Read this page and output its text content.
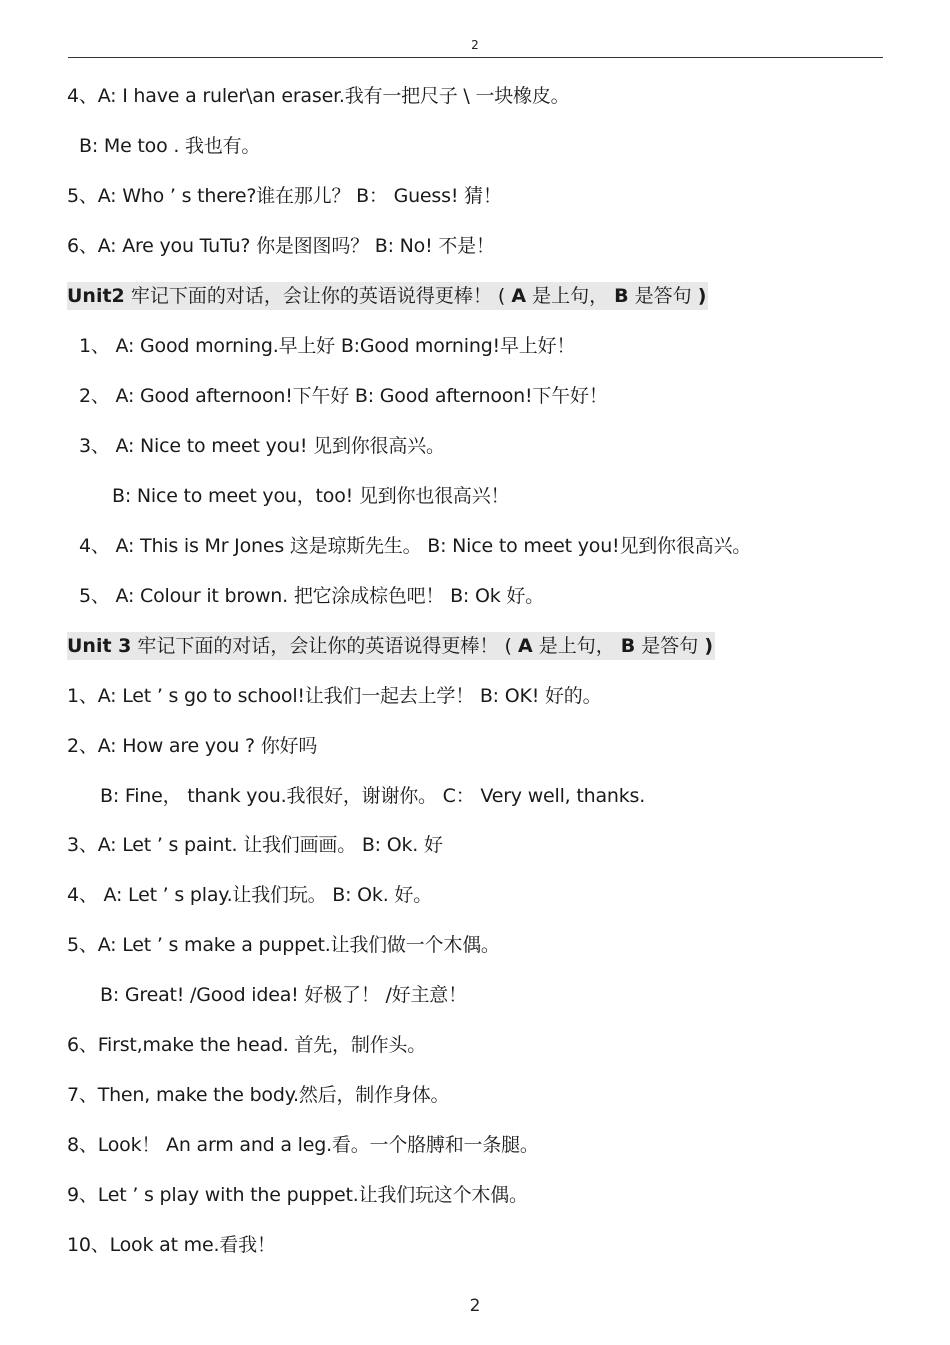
2
4、A: I have a ruler\an eraser.我有一把尺子 \ 一块橡皮。
B: Me too . 我也有。
5、A: Who ’ s there?谁在那儿？ B： Guess! 猜！
6、A: Are you TuTu? 你是图图吗？ B: No! 不是！
Unit2 牢记下面的对话，会让你的英语说得更棒！ ( A 是上句， B 是答句 )
1、 A: Good morning.早上好 B:Good morning!早上好！
2、 A: Good afternoon!下午好 B: Good afternoon!下午好！
3、 A: Nice to meet you! 见到你很高兴。
B: Nice to meet you，too! 见到你也很高兴！
4、 A: This is Mr Jones 这是琼斯先生。 B: Nice to meet you!见到你很高兴。
5、 A: Colour it brown. 把它涂成棕色吧！ B: Ok 好。
Unit 3 牢记下面的对话，会让你的英语说得更棒！ ( A 是上句， B 是答句 )
1、A: Let ’ s go to school!让我们一起去上学！ B: OK! 好的。
2、A: How are you ? 你好吗
B: Fine， thank you.我很好，谢谢你。 C： Very well, thanks.
3、A: Let ’ s paint. 让我们画画。 B: Ok. 好
4、 A: Let ’ s play.让我们玩。 B: Ok. 好。
5、A: Let ’ s make a puppet.让我们做一个木偶。
B: Great! /Good idea! 好极了！ /好主意！
6、First,make the head. 首先，制作头。
7、Then, make the body.然后，制作身体。
8、Look！ An arm and a leg.看。一个胳膊和一条腿。
9、Let ’ s play with the puppet.让我们玩这个木偶。
10、Look at me.看我！
2
